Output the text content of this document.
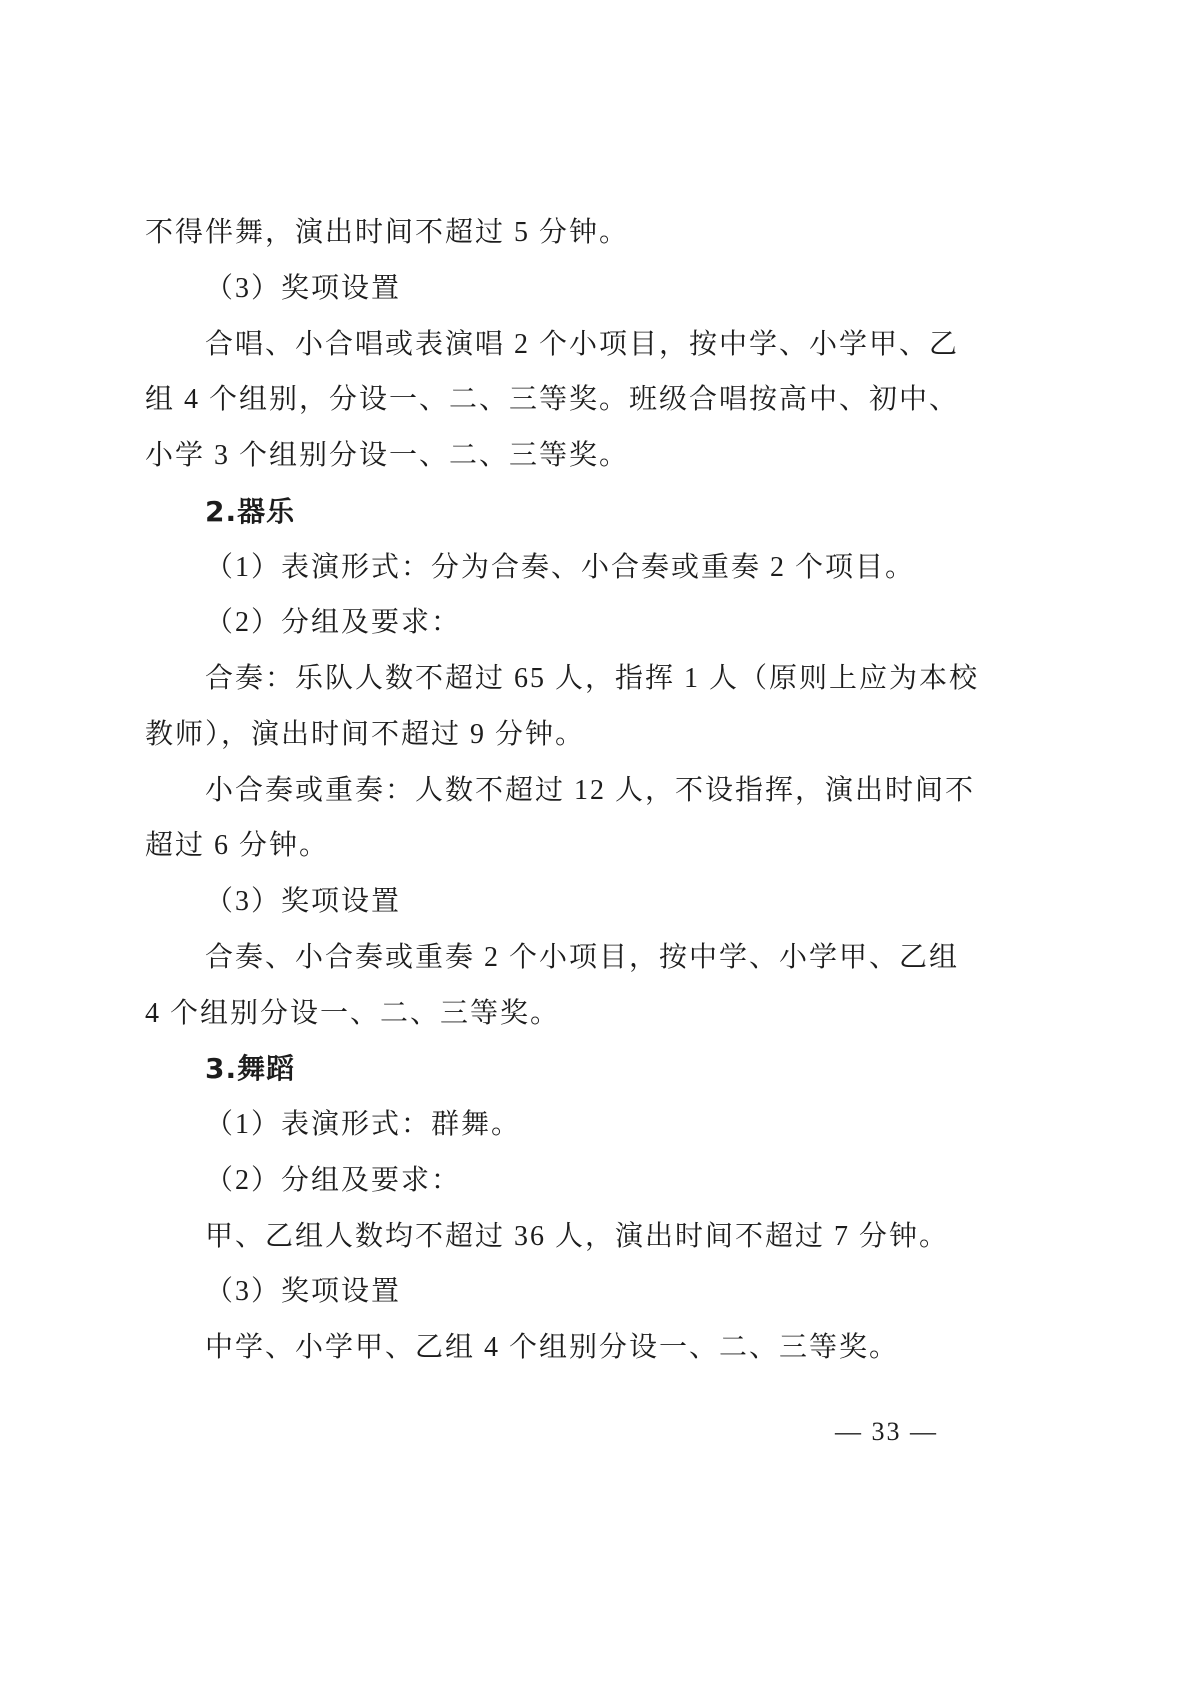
不得伴舞，演出时间不超过 5 分钟。
（3）奖项设置
合唱、小合唱或表演唱 2 个小项目，按中学、小学甲、乙
组 4 个组别，分设一、二、三等奖。班级合唱按高中、初中、
小学 3 个组别分设一、二、三等奖。
2.器乐
（1）表演形式：分为合奏、小合奏或重奏 2 个项目。
（2）分组及要求：
合奏：乐队人数不超过 65 人，指挥 1 人（原则上应为本校
教师），演出时间不超过 9 分钟。
小合奏或重奏：人数不超过 12 人，不设指挥，演出时间不
超过 6 分钟。
（3）奖项设置
合奏、小合奏或重奏 2 个小项目，按中学、小学甲、乙组
4 个组别分设一、二、三等奖。
3.舞蹈
（1）表演形式：群舞。
（2）分组及要求：
甲、乙组人数均不超过 36 人，演出时间不超过 7 分钟。
（3）奖项设置
中学、小学甲、乙组 4 个组别分设一、二、三等奖。
— 33 —
